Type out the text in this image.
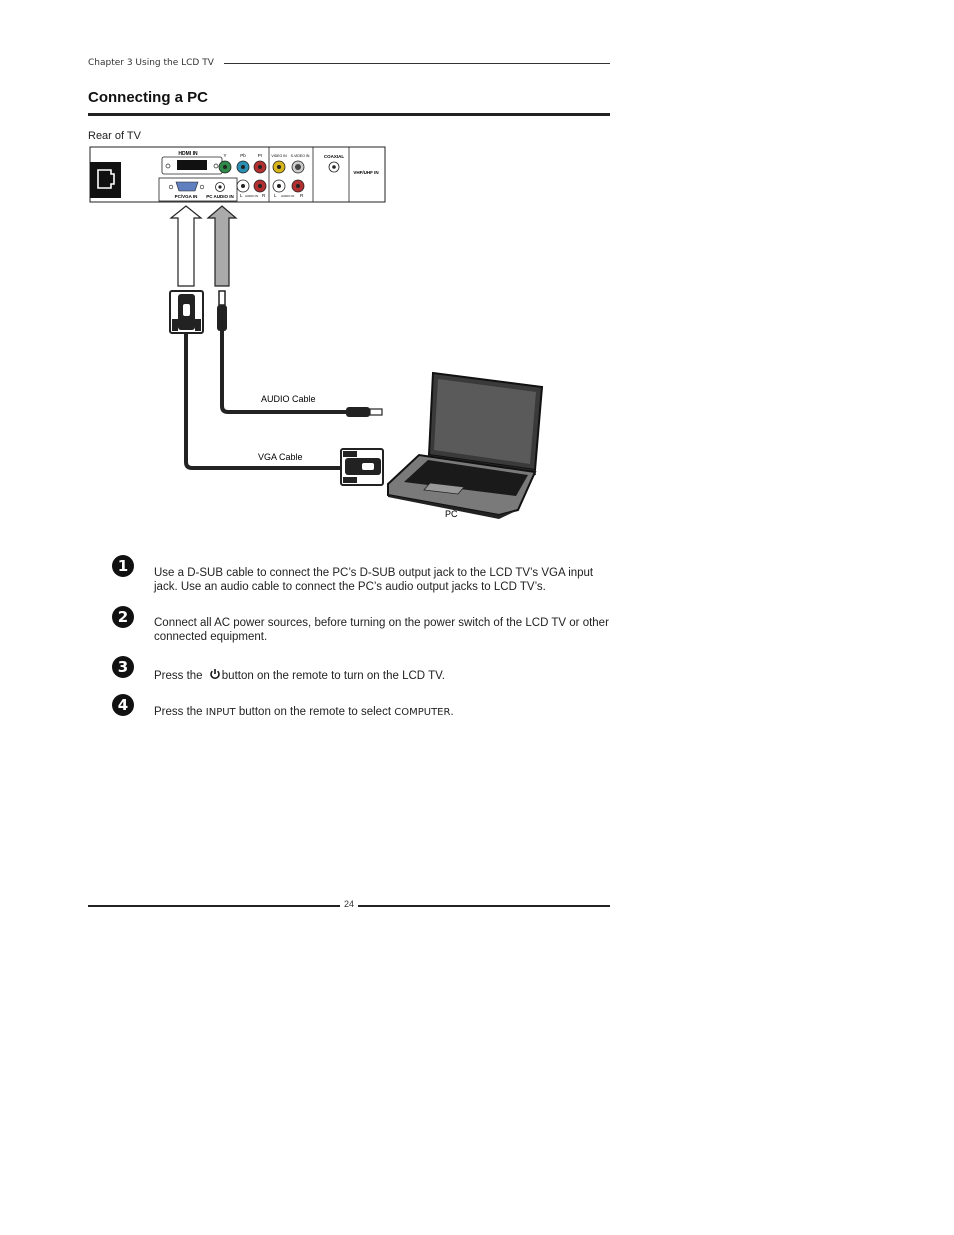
Chapter 3 Using the LCD TV
Connecting a PC
Rear of TV
HDMI IN
PC/VGA IN PC AUDIO IN
Y	Pb	Pr
L AUDIO IN R
VIDEO IN S-VIDEO IN
L AUDIO IN R
COAXIAL
VHF/UHF IN
AUDIO Cable
VGA Cable
PC
1	Use a D-SUB cable to connect the PC’s D-SUB output jack to the LCD TV’s VGA input jack. Use an audio cable to connect the PC’s audio output jacks to LCD TV’s.
2	Connect all AC power sources, before turning on the power switch of the LCD TV or other connected equipment.
3	Press the button on the remote to turn on the LCD TV.
4	Press the INPUT button on the remote to select COMPUTER.
24
